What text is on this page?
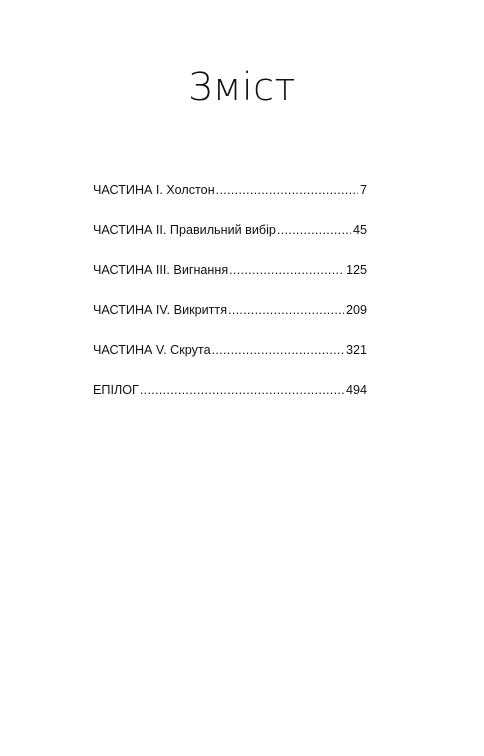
Зміст
ЧАСТИНА I. Холстон .....	7
ЧАСТИНА II. Правильний вибір .....	45
ЧАСТИНА III. Вигнання .....	125
ЧАСТИНА IV. Викриття .....	209
ЧАСТИНА V. Скрута .....	321
ЕПІЛОГ .....	494
